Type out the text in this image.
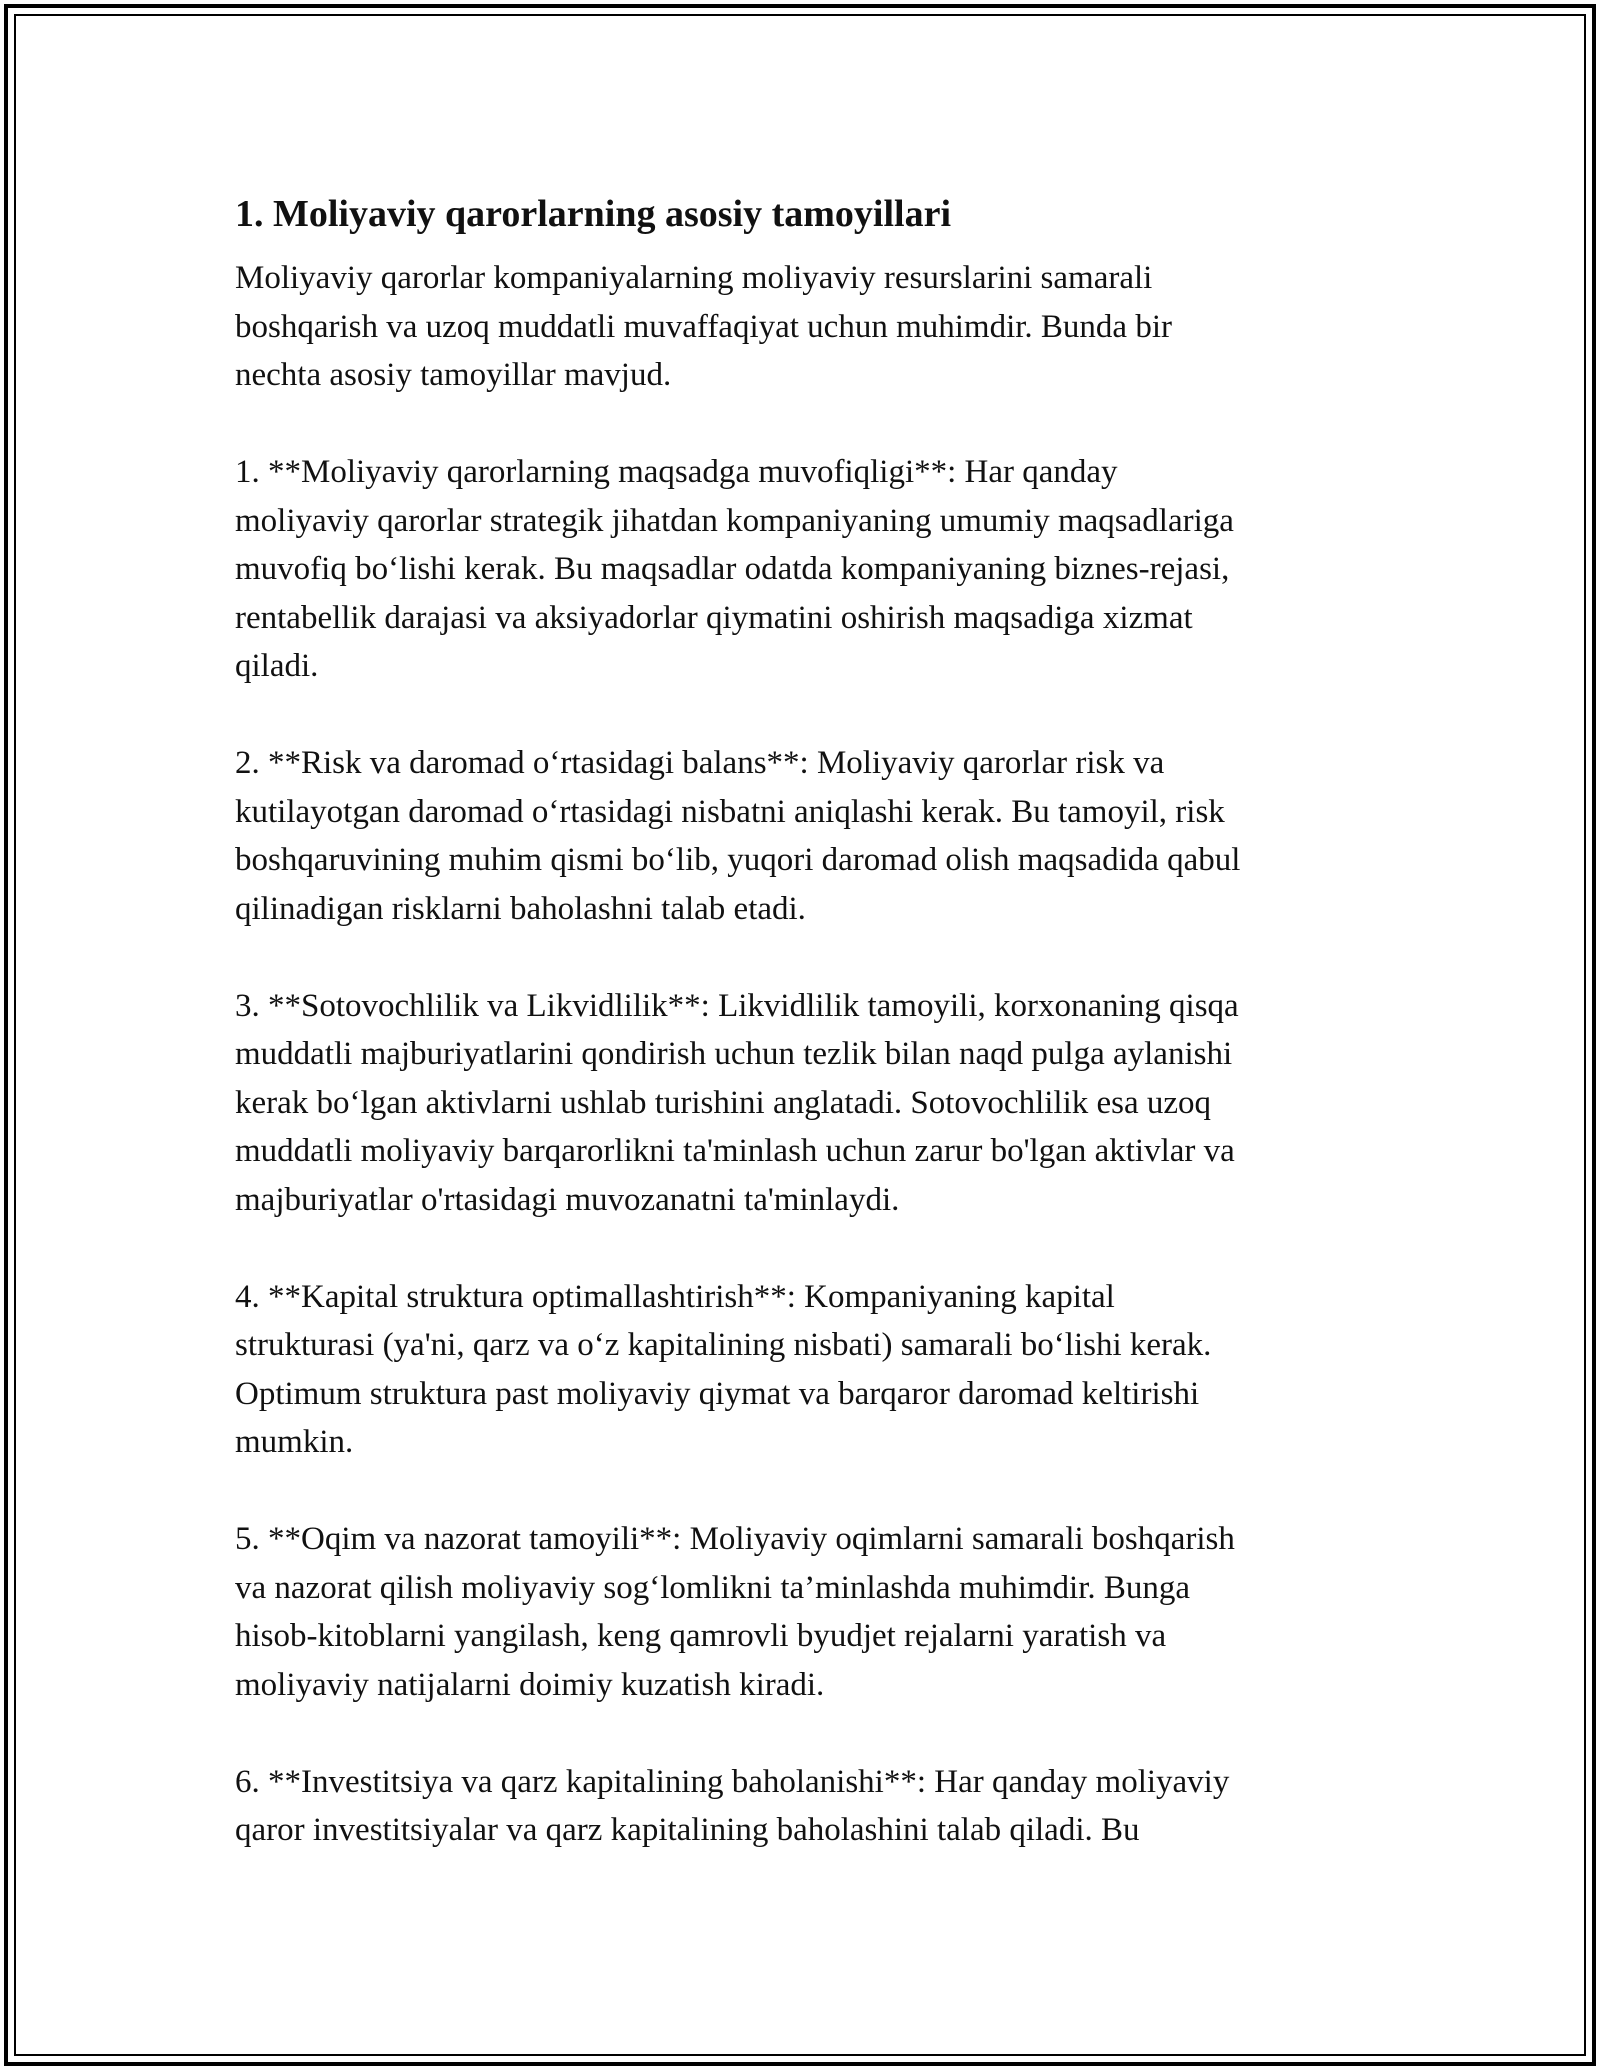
1. Moliyaviy qarorlarning asosiy tamoyillari
Moliyaviy qarorlar kompaniyalarning moliyaviy resurslarini samarali
boshqarish va uzoq muddatli muvaffaqiyat uchun muhimdir. Bunda bir
nechta asosiy tamoyillar mavjud.
1. **Moliyaviy qarorlarning maqsadga muvofiqligi**: Har qanday
moliyaviy qarorlar strategik jihatdan kompaniyaning umumiy maqsadlariga
muvofiq bo‘lishi kerak. Bu maqsadlar odatda kompaniyaning biznes-rejasi,
rentabellik darajasi va aksiyadorlar qiymatini oshirish maqsadiga xizmat
qiladi.
2. **Risk va daromad o‘rtasidagi balans**: Moliyaviy qarorlar risk va
kutilayotgan daromad o‘rtasidagi nisbatni aniqlashi kerak. Bu tamoyil, risk
boshqaruvining muhim qismi bo‘lib, yuqori daromad olish maqsadida qabul
qilinadigan risklarni baholashni talab etadi.
3. **Sotovochlilik va Likvidlilik**: Likvidlilik tamoyili, korxonaning qisqa
muddatli majburiyatlarini qondirish uchun tezlik bilan naqd pulga aylanishi
kerak bo‘lgan aktivlarni ushlab turishini anglatadi. Sotovochlilik esa uzoq
muddatli moliyaviy barqarorlikni ta'minlash uchun zarur bo'lgan aktivlar va
majburiyatlar o'rtasidagi muvozanatni ta'minlaydi.
4. **Kapital struktura optimallashtirish**: Kompaniyaning kapital
strukturasi (ya'ni, qarz va o‘z kapitalining nisbati) samarali bo‘lishi kerak.
Optimum struktura past moliyaviy qiymat va barqaror daromad keltirishi
mumkin.
5. **Oqim va nazorat tamoyili**: Moliyaviy oqimlarni samarali boshqarish
va nazorat qilish moliyaviy sog‘lomlikni ta’minlashda muhimdir. Bunga
hisob-kitoblarni yangilash, keng qamrovli byudjet rejalarni yaratish va
moliyaviy natijalarni doimiy kuzatish kiradi.
6. **Investitsiya va qarz kapitalining baholanishi**: Har qanday moliyaviy
qaror investitsiyalar va qarz kapitalining baholashini talab qiladi. Bu
